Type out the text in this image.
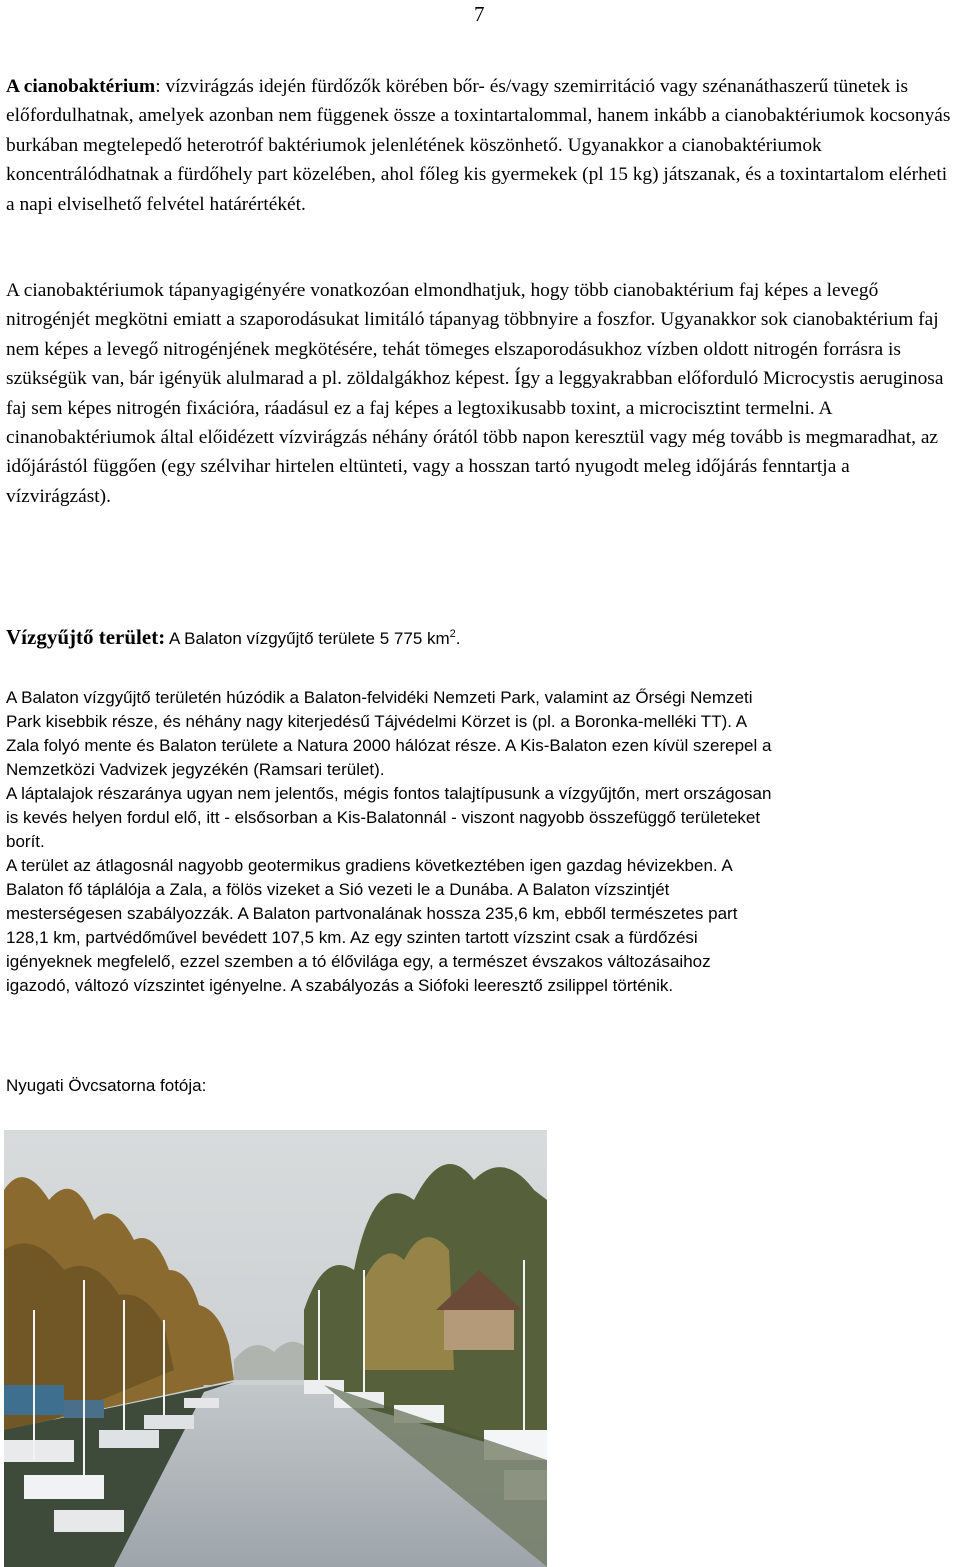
7

A cianobaktérium: vízvirágzás idején fürdőzők körében bőr- és/vagy szemirritáció vagy szénanáthaszerű tünetek is előfordulhatnak, amelyek azonban nem függenek össze a toxintartalommal, hanem inkább a cianobaktériumok kocsonyás burkában megtelepedő heterotróf baktériumok jelenlétének köszönhető. Ugyanakkor a cianobaktériumok koncentrálódhatnak a fürdőhely part közelében, ahol főleg kis gyermekek (pl 15 kg) játszanak, és a toxintartalom elérheti a napi elviselhető felvétel határértékét.

A cianobaktériumok tápanyagigényére vonatkozóan elmondhatjuk, hogy több cianobaktérium faj képes a levegő nitrogénjét megkötni emiatt a szaporodásukat limitáló tápanyag többnyire a foszfor. Ugyanakkor sok cianobaktérium faj nem képes a levegő nitrogénjének megkötésére, tehát tömeges elszaporodásukhoz vízben oldott nitrogén forrásra is szükségük van, bár igényük alulmarad a pl. zöldalgákhoz képest. Így a leggyakrabban előforduló Microcystis aeruginosa faj sem képes nitrogén fixációra, ráadásul ez a faj képes a legtoxikusabb toxint, a microcisztint termelni. A cinanobaktériumok által előidézett vízvirágzás néhány órától több napon keresztül vagy még tovább is megmaradhat, az időjárástól függően (egy szélvihar hirtelen eltünteti, vagy a hosszan tartó nyugodt meleg időjárás fenntartja a vízvirágzást).

Vízgyűjtő terület: A Balaton vízgyűjtő területe 5 775 $km^2$.

A Balaton vízgyűjtő területén húzódik a Balaton-felvidéki Nemzeti Park, valamint az Őrségi Nemzeti
Park kisebbik része, és néhány nagy kiterjedésű Tájvédelmi Körzet is (pl. a Boronka-melléki TT). A
Zala folyó mente és Balaton területe a Natura 2000 hálózat része. A Kis-Balaton ezen kívül szerepel a
Nemzetközi Vadvizek jegyzékén (Ramsari terület).
A láptalajok részaránya ugyan nem jelentős, mégis fontos talajtípusunk a vízgyűjtőn, mert országosan
is kevés helyen fordul elő, itt - elsősorban a Kis-Balatonnál - viszont nagyobb összefüggő területeket
borít.
A terület az átlagosnál nagyobb geotermikus gradiens következtében igen gazdag hévizekben. A
Balaton fő táplálója a Zala, a fölös vizeket a Sió vezeti le a Dunába. A Balaton vízszintjét
mesterségesen szabályozzák. A Balaton partvonalának hossza 235,6 km, ebből természetes part
128,1 km, partvédőművel bevédett 107,5 km. Az egy szinten tartott vízszint csak a fürdőzési
igényeknek megfelelő, ezzel szemben a tó élővilága egy, a természet évszakos változásaihoz
igazodó, változó vízszintet igényelne. A szabályozás a Siófoki leeresztő zsilippel történik.

Nyugati Övcsatorna fotója:
